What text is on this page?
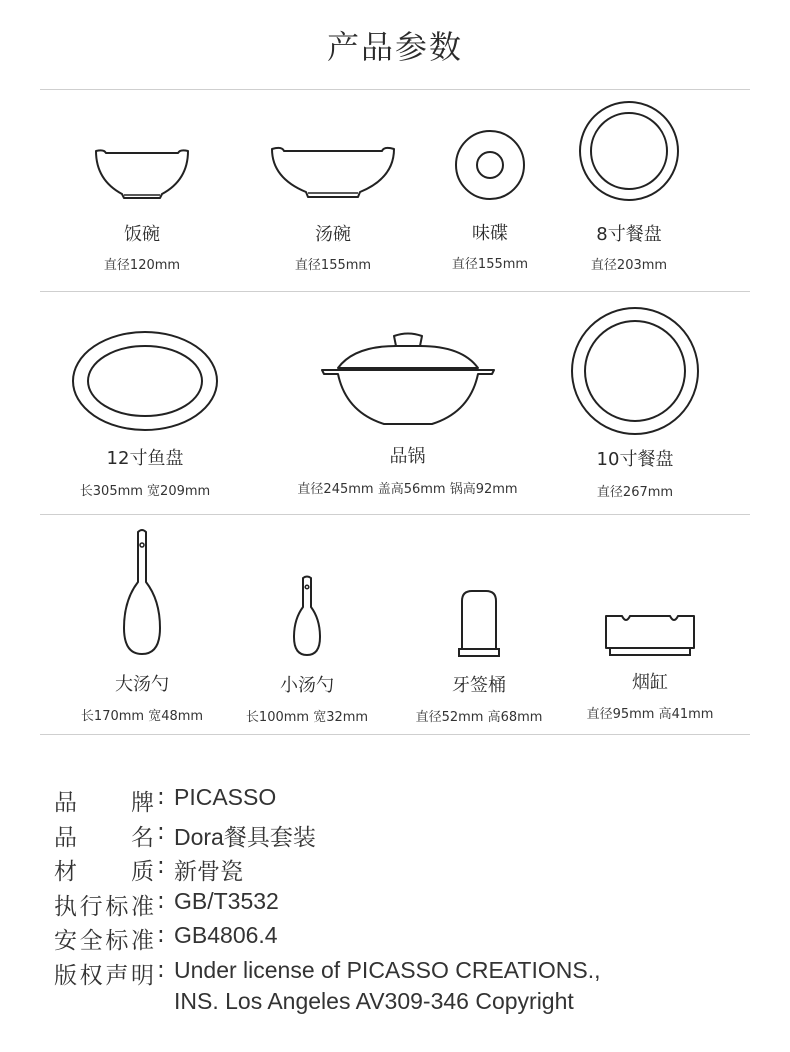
产品参数
饭碗
直径120mm
汤碗
直径155mm
味碟
直径155mm
8寸餐盘
直径203mm
12寸鱼盘
长305mm 宽209mm
品锅
直径245mm 盖高56mm 锅高92mm
10寸餐盘
直径267mm
大汤勺
长170mm 宽48mm
小汤勺
长100mm 宽32mm
牙签桶
直径52mm 高68mm
烟缸
直径95mm 高41mm
品 牌 : PICASSO
品 名 : Dora餐具套装
材 质 : 新骨瓷
执 行 标 准 : GB/T3532
安 全 标 准 : GB4806.4
版 权 声 明 : Under license of PICASSO CREATIONS.,
INS. Los Angeles AV309-346 Copyright
